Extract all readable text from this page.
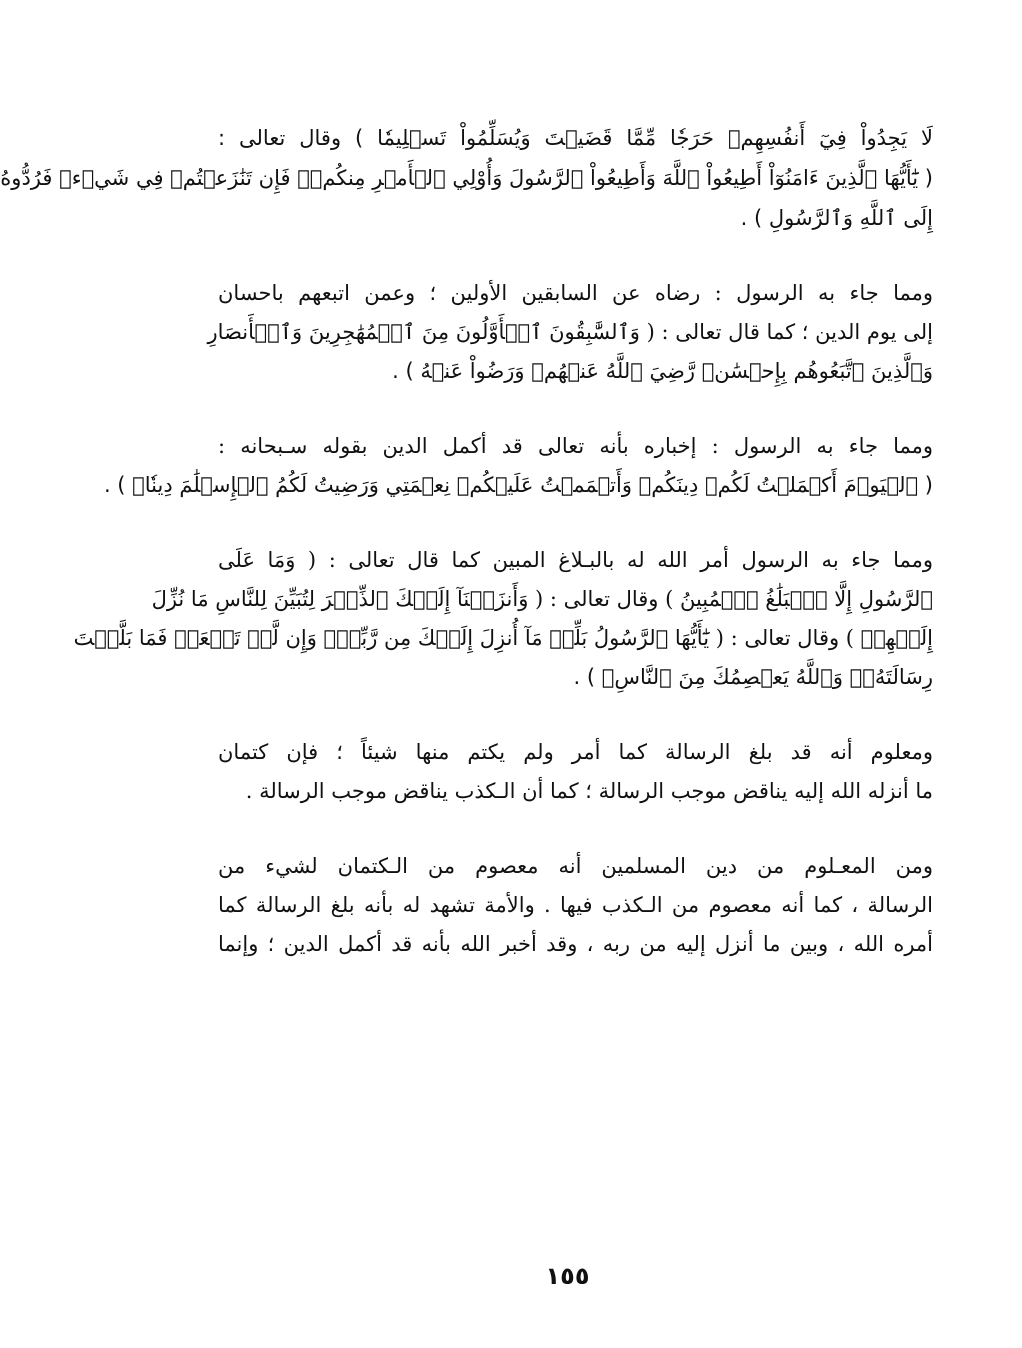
لَا يَجِدُواْ فِيٓ أَنفُسِهِمۡ حَرَجٗا مِّمَّا قَضَيۡتَ وَيُسَلِّمُواْ تَسۡلِيمٗا ) وقال تعالى :
( يَٰٓأَيُّهَا ٱلَّذِينَ ءَامَنُوٓاْ أَطِيعُواْ ٱللَّهَ وَأَطِيعُواْ ٱلرَّسُولَ وَأُوْلِي ٱلۡأَمۡرِ مِنكُمۡۖ فَإِن تَنَٰزَعۡتُمۡ فِي شَيۡءٖ فَرُدُّوهُ
إِلَى ٱللَّهِ وَٱلرَّسُولِ ) .
ومما جاء به الرسول : رضاه عن السابقين الأولين ؛ وعمن اتبعهم باحسان
إلى يوم الدين ؛ كما قال تعالى : ( وَٱلسَّٰبِقُونَ ٱلۡأَوَّلُونَ مِنَ ٱلۡمُهَٰجِرِينَ وَٱلۡأَنصَارِ
وَٱلَّذِينَ ٱتَّبَعُوهُم بِإِحۡسَٰنٖ رَّضِيَ ٱللَّهُ عَنۡهُمۡ وَرَضُواْ عَنۡهُ ) .
ومما جاء به الرسول : إخباره بأنه تعالى قد أكمل الدين بقوله سـبحانه :
( ٱلۡيَوۡمَ أَكۡمَلۡتُ لَكُمۡ دِينَكُمۡ وَأَتۡمَمۡتُ عَلَيۡكُمۡ نِعۡمَتِي وَرَضِيتُ لَكُمُ ٱلۡإِسۡلَٰمَ دِينٗاۚ ) .
ومما جاء به الرسول أمر الله له بالبـلاغ المبين كما قال تعالى : ( وَمَا عَلَى
ٱلرَّسُولِ إِلَّا ٱلۡبَلَٰغُ ٱلۡمُبِينُ ) وقال تعالى : ( وَأَنزَلۡنَآ إِلَيۡكَ ٱلذِّكۡرَ لِتُبَيِّنَ لِلنَّاسِ مَا نُزِّلَ
إِلَيۡهِمۡ ) وقال تعالى : ( يَٰٓأَيُّهَا ٱلرَّسُولُ بَلِّغۡ مَآ أُنزِلَ إِلَيۡكَ مِن رَّبِّكَۖ وَإِن لَّمۡ تَفۡعَلۡ فَمَا بَلَّغۡتَ
رِسَالَتَهُۥۚ وَٱللَّهُ يَعۡصِمُكَ مِنَ ٱلنَّاسِۗ ) .
ومعلوم أنه قد بلغ الرسالة كما أمر ولم يكتم منها شيئاً ؛ فإن كتمان
ما أنزله الله إليه يناقض موجب الرسالة ؛ كما أن الـكذب يناقض موجب الرسالة .
ومن المعـلوم من دين المسلمين أنه معصوم من الـكتمان لشيء من
الرسالة ، كما أنه معصوم من الـكذب فيها . والأمة تشهد له بأنه بلغ الرسالة كما
أمره الله ، وبين ما أنزل إليه من ربه ، وقد أخبر الله بأنه قد أكمل الدين ؛ وإنما
١٥٥
